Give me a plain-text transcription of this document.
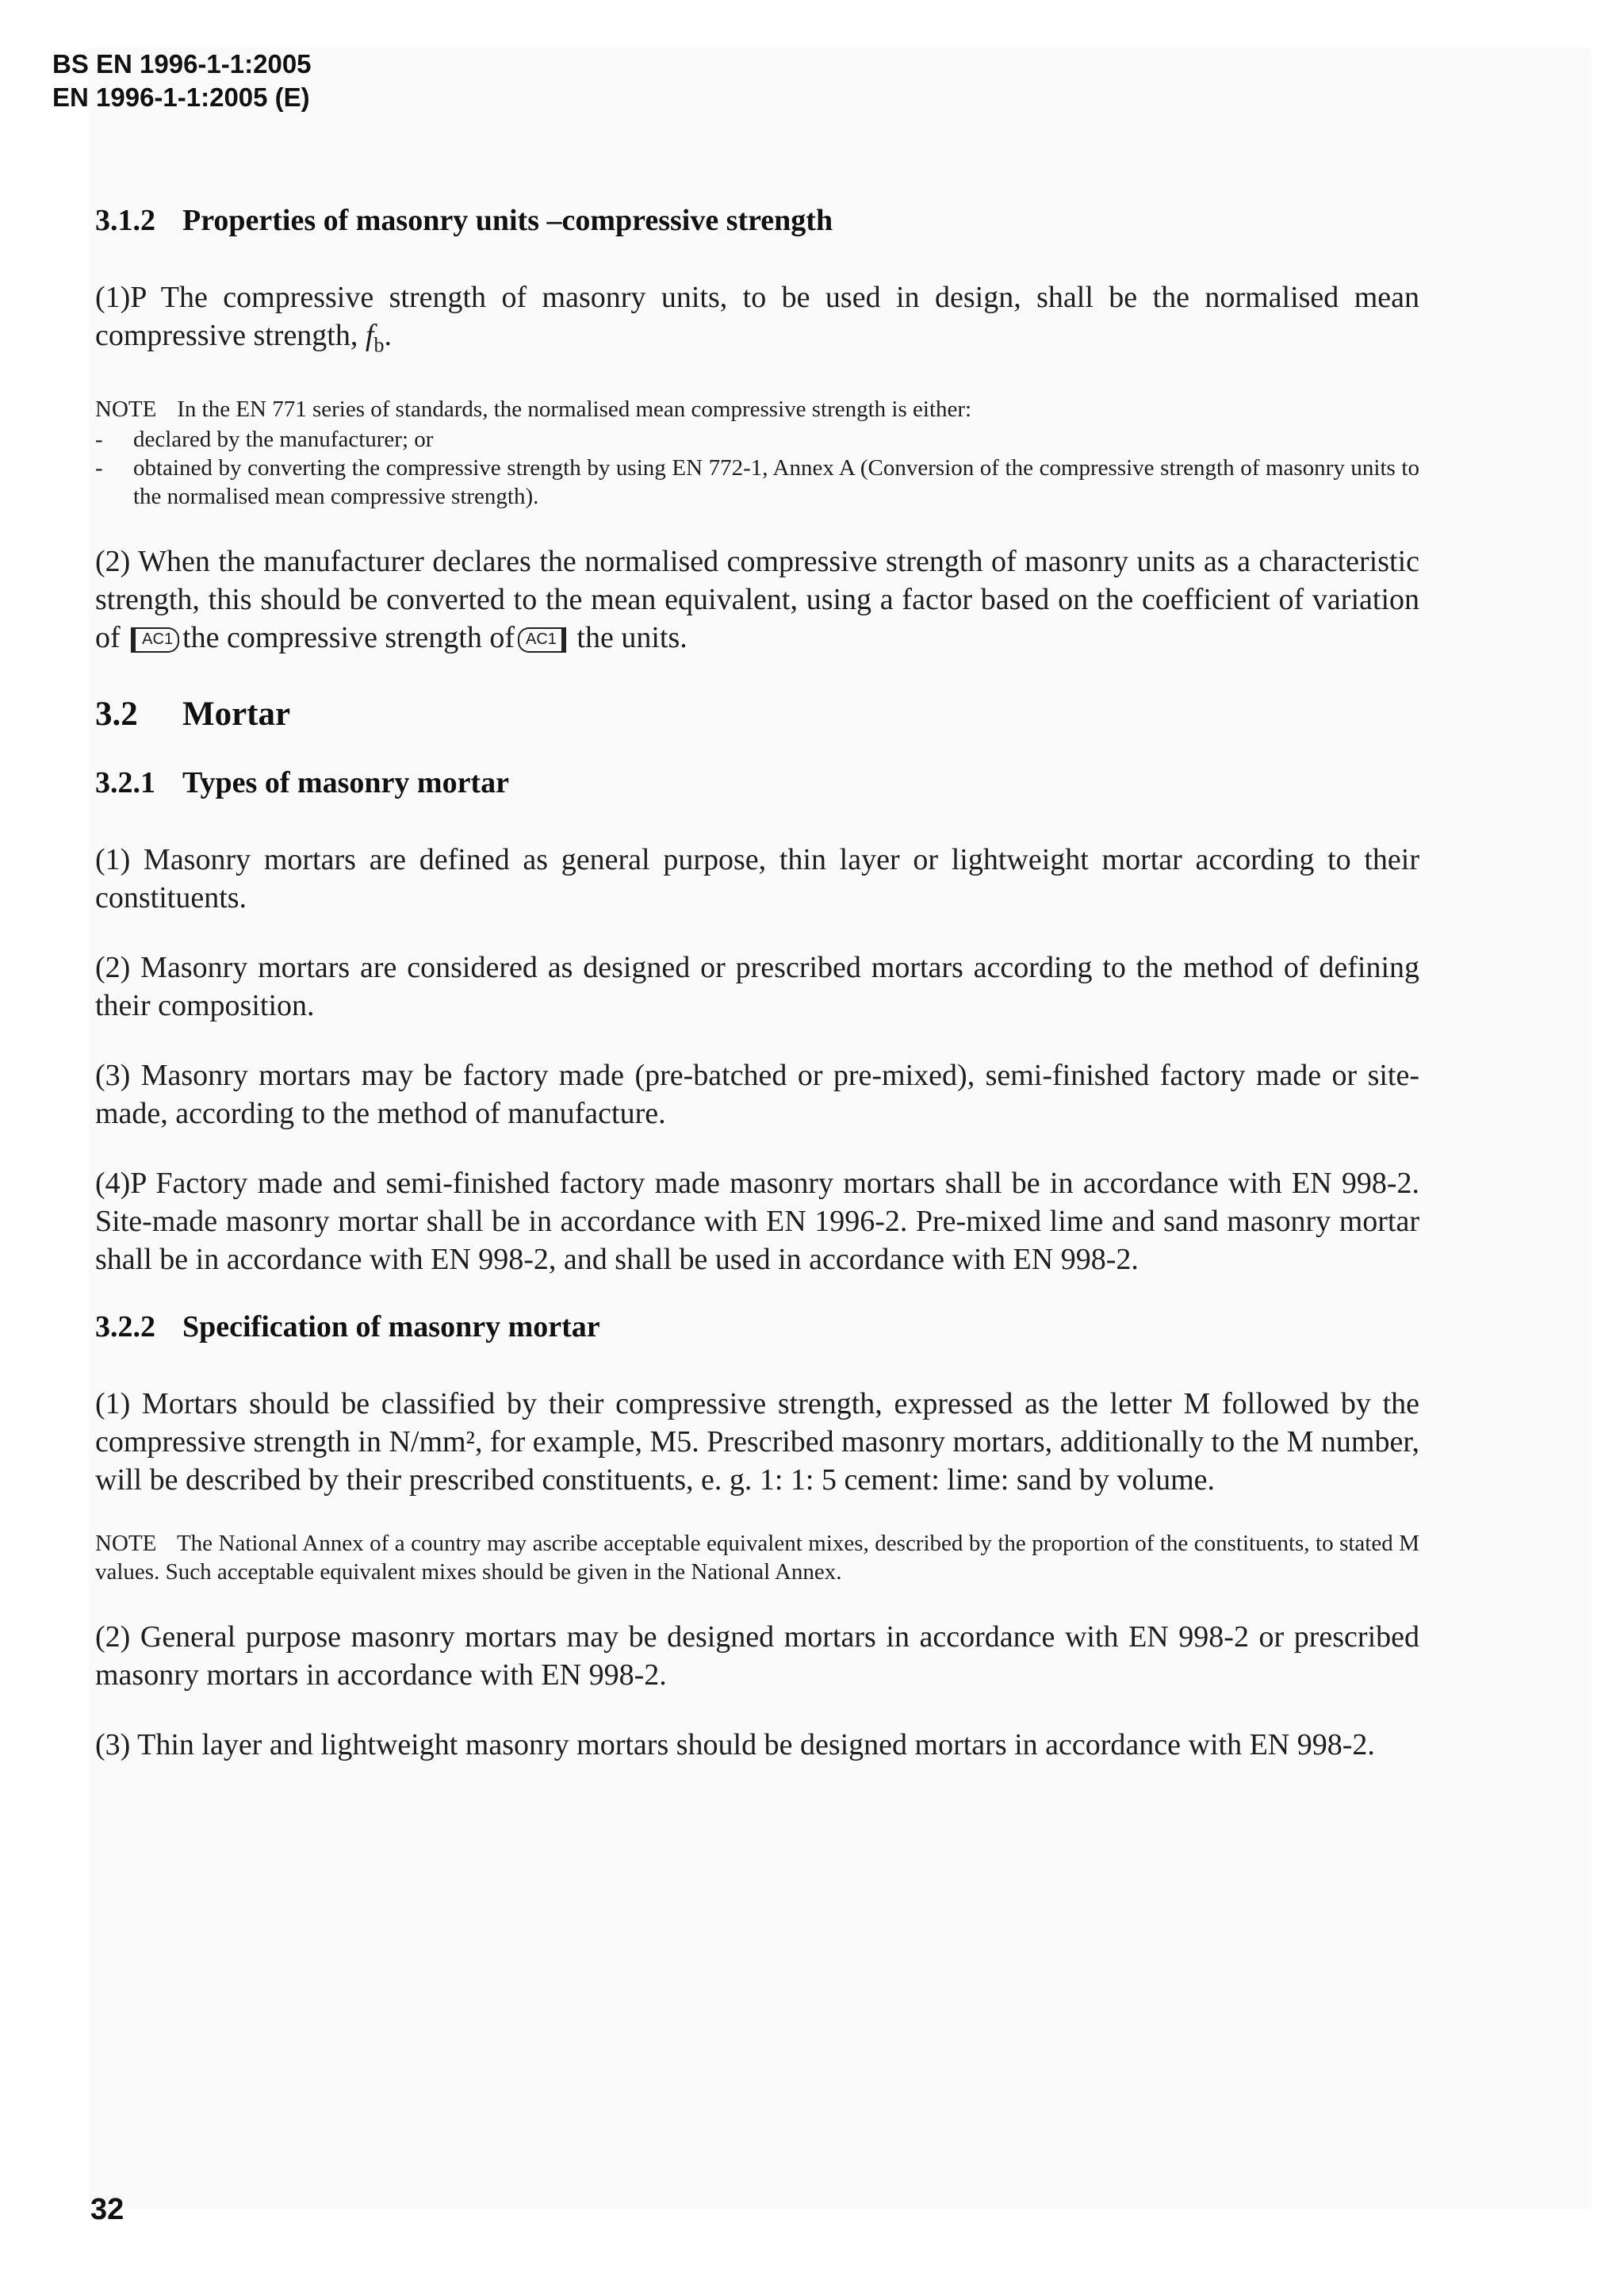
BS EN 1996-1-1:2005
EN 1996-1-1:2005 (E)
3.1.2 Properties of masonry units –compressive strength

(1)P The compressive strength of masonry units, to be used in design, shall be the normalised mean compressive strength, $f_b$.

NOTE In the EN 771 series of standards, the normalised mean compressive strength is either:
- declared by the manufacturer; or
- obtained by converting the compressive strength by using EN 772-1, Annex A (Conversion of the compressive strength of masonry units to the normalised mean compressive strength).

(2) When the manufacturer declares the normalised compressive strength of masonry units as a characteristic strength, this should be converted to the mean equivalent, using a factor based on the coefficient of variation of AC1 the compressive strength of AC1 the units.

3.2 Mortar
3.2.1 Types of masonry mortar

(1) Masonry mortars are defined as general purpose, thin layer or lightweight mortar according to their constituents.

(2) Masonry mortars are considered as designed or prescribed mortars according to the method of defining their composition.

(3) Masonry mortars may be factory made (pre-batched or pre-mixed), semi-finished factory made or site-made, according to the method of manufacture.

(4)P Factory made and semi-finished factory made masonry mortars shall be in accordance with EN 998-2. Site-made masonry mortar shall be in accordance with EN 1996-2. Pre-mixed lime and sand masonry mortar shall be in accordance with EN 998-2, and shall be used in accordance with EN 998-2.

3.2.2 Specification of masonry mortar

(1) Mortars should be classified by their compressive strength, expressed as the letter M followed by the compressive strength in N/mm², for example, M5. Prescribed masonry mortars, additionally to the M number, will be described by their prescribed constituents, e. g. 1: 1: 5 cement: lime: sand by volume.

NOTE The National Annex of a country may ascribe acceptable equivalent mixes, described by the proportion of the constituents, to stated M values. Such acceptable equivalent mixes should be given in the National Annex.

(2) General purpose masonry mortars may be designed mortars in accordance with EN 998-2 or prescribed masonry mortars in accordance with EN 998-2.

(3) Thin layer and lightweight masonry mortars should be designed mortars in accordance with EN 998-2.

32
